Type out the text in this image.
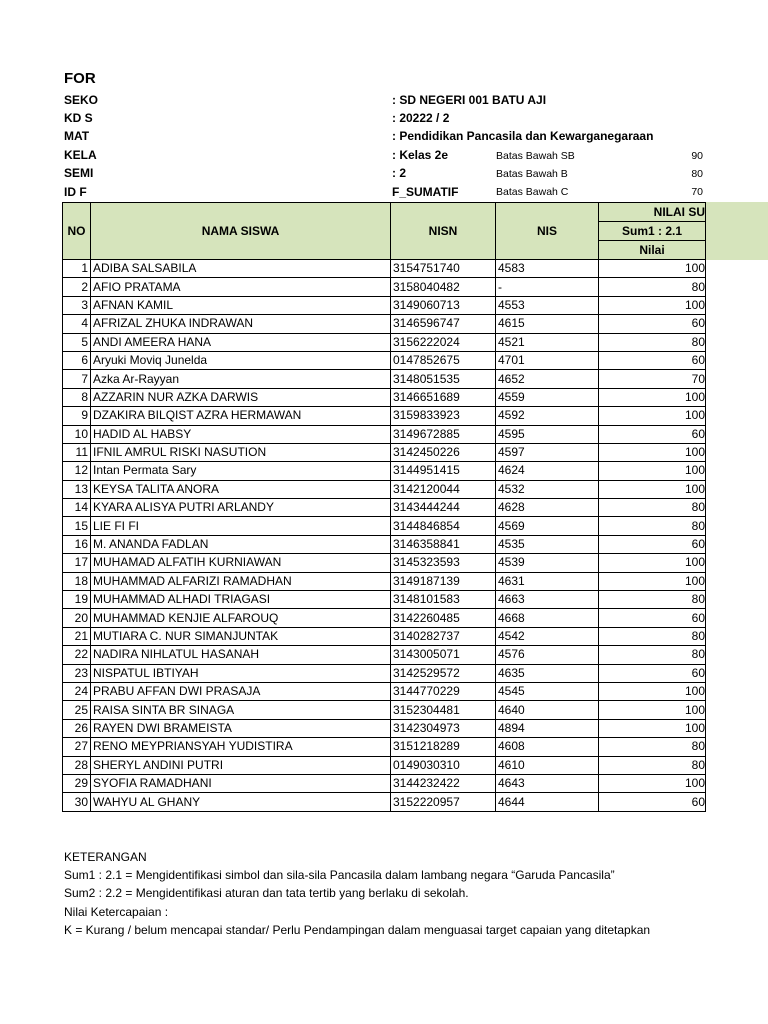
FOR
SEKO	: SD NEGERI 001 BATU AJI
KD S	: 20222 / 2
MAT	: Pendidikan Pancasila dan Kewarganegaraan
KELA	: Kelas 2e	Batas Bawah SB	90
SEMI	: 2	Batas Bawah B	80
ID F	F_SUMATIF	Batas Bawah C	70
NO	NAMA SISWA	NISN	NIS	NILAI SU
				Sum1 : 2.1
				Nilai
1	ADIBA SALSABILA	3154751740	4583	100
2	AFIO PRATAMA	3158040482	-	80
3	AFNAN KAMIL	3149060713	4553	100
4	AFRIZAL ZHUKA INDRAWAN	3146596747	4615	60
5	ANDI AMEERA HANA	3156222024	4521	80
6	Aryuki Moviq Junelda	0147852675	4701	60
7	Azka Ar-Rayyan	3148051535	4652	70
8	AZZARIN NUR AZKA DARWIS	3146651689	4559	100
9	DZAKIRA BILQIST AZRA HERMAWAN	3159833923	4592	100
10	HADID AL HABSY	3149672885	4595	60
11	IFNIL AMRUL RISKI NASUTION	3142450226	4597	100
12	Intan Permata Sary	3144951415	4624	100
13	KEYSA TALITA ANORA	3142120044	4532	100
14	KYARA ALISYA PUTRI ARLANDY	3143444244	4628	80
15	LIE FI FI	3144846854	4569	80
16	M. ANANDA FADLAN	3146358841	4535	60
17	MUHAMAD ALFATIH KURNIAWAN	3145323593	4539	100
18	MUHAMMAD ALFARIZI RAMADHAN	3149187139	4631	100
19	MUHAMMAD ALHADI TRIAGASI	3148101583	4663	80
20	MUHAMMAD KENJIE ALFAROUQ	3142260485	4668	60
21	MUTIARA C. NUR SIMANJUNTAK	3140282737	4542	80
22	NADIRA NIHLATUL HASANAH	3143005071	4576	80
23	NISPATUL IBTIYAH	3142529572	4635	60
24	PRABU AFFAN DWI PRASAJA	3144770229	4545	100
25	RAISA SINTA BR SINAGA	3152304481	4640	100
26	RAYEN DWI BRAMEISTA	3142304973	4894	100
27	RENO MEYPRIANSYAH YUDISTIRA	3151218289	4608	80
28	SHERYL ANDINI PUTRI	0149030310	4610	80
29	SYOFIA RAMADHANI	3144232422	4643	100
30	WAHYU AL GHANY	3152220957	4644	60
KETERANGAN
Sum1 : 2.1 = Mengidentifikasi simbol dan sila-sila Pancasila dalam lambang negara “Garuda Pancasila”
Sum2 : 2.2 = Mengidentifikasi aturan dan tata tertib yang berlaku di sekolah.
Nilai Ketercapaian :
K = Kurang / belum mencapai standar/ Perlu Pendampingan dalam menguasai target capaian yang ditetapkan
